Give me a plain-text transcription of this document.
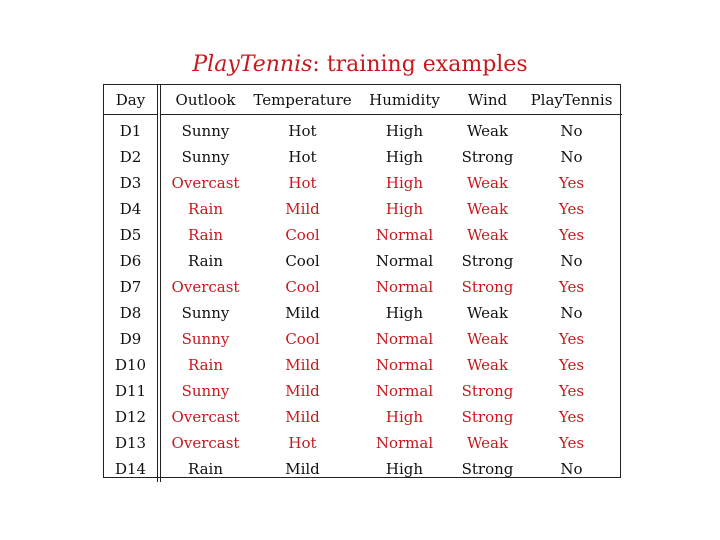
PlayTennis: training examples
Day	Outlook	Temperature	Humidity	Wind	PlayTennis
D1	Sunny	Hot	High	Weak	No
D2	Sunny	Hot	High	Strong	No
D3	Overcast	Hot	High	Weak	Yes
D4	Rain	Mild	High	Weak	Yes
D5	Rain	Cool	Normal	Weak	Yes
D6	Rain	Cool	Normal	Strong	No
D7	Overcast	Cool	Normal	Strong	Yes
D8	Sunny	Mild	High	Weak	No
D9	Sunny	Cool	Normal	Weak	Yes
D10	Rain	Mild	Normal	Weak	Yes
D11	Sunny	Mild	Normal	Strong	Yes
D12	Overcast	Mild	High	Strong	Yes
D13	Overcast	Hot	Normal	Weak	Yes
D14	Rain	Mild	High	Strong	No
